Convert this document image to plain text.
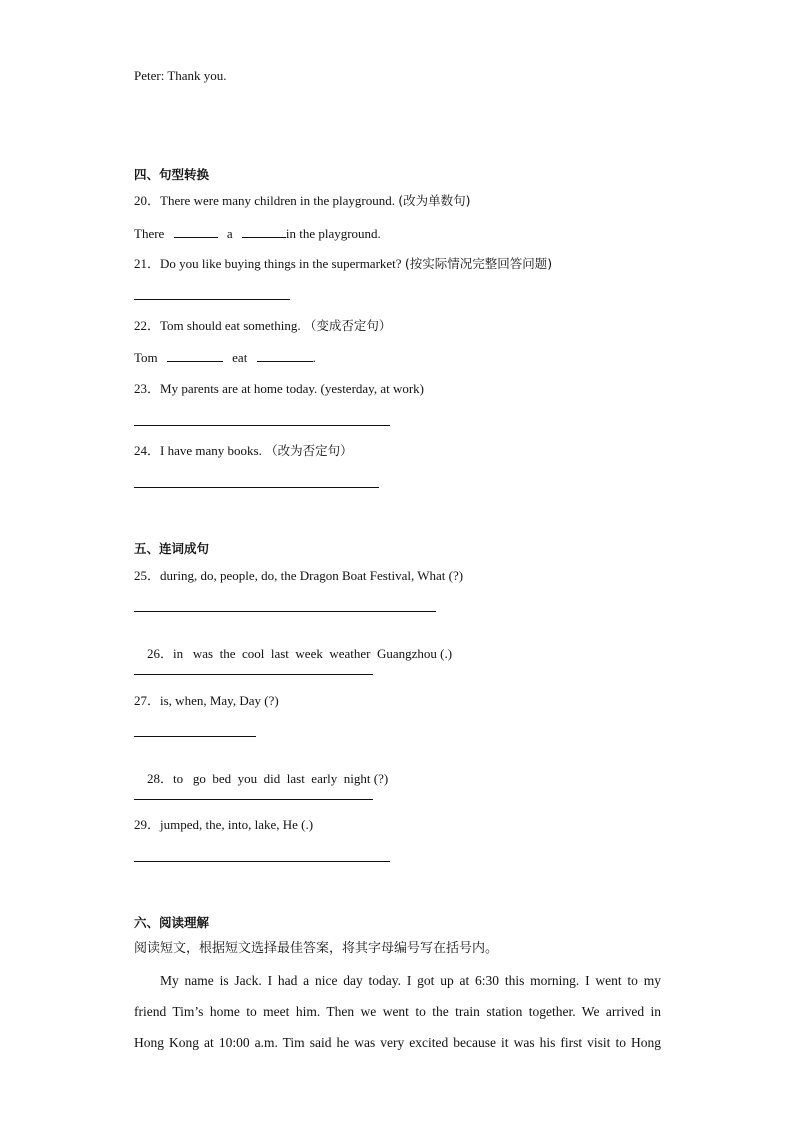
Peter: Thank you.
四、句型转换
20．There were many children in the playground. (改为单数句)
There	a	in the playground.
21．Do you like buying things in the supermarket? (按实际情况完整回答问题)
22．Tom should eat something. （变成否定句）
Tom	eat	.
23．My parents are at home today. (yesterday, at work)
24．I have many books. （改为否定句）
五、连词成句
25．during, do, people, do, the Dragon Boat Festival, What (?)

26．in   was  the  cool  last  week  weather  Guangzhou (.)

27．is, when, May, Day (?)

28．to   go  bed  you  did  last  early  night (?)

29．jumped, the, into, lake, He (.)
六、阅读理解
阅读短文，根据短文选择最佳答案，将其字母编号写在括号内。
My name is Jack. I had a nice day today. I got up at 6:30 this morning. I went to my
friend Tim’s home to meet him. Then we went to the train station together. We arrived in
Hong Kong at 10:00 a.m. Tim said he was very excited because it was his first visit to Hong
